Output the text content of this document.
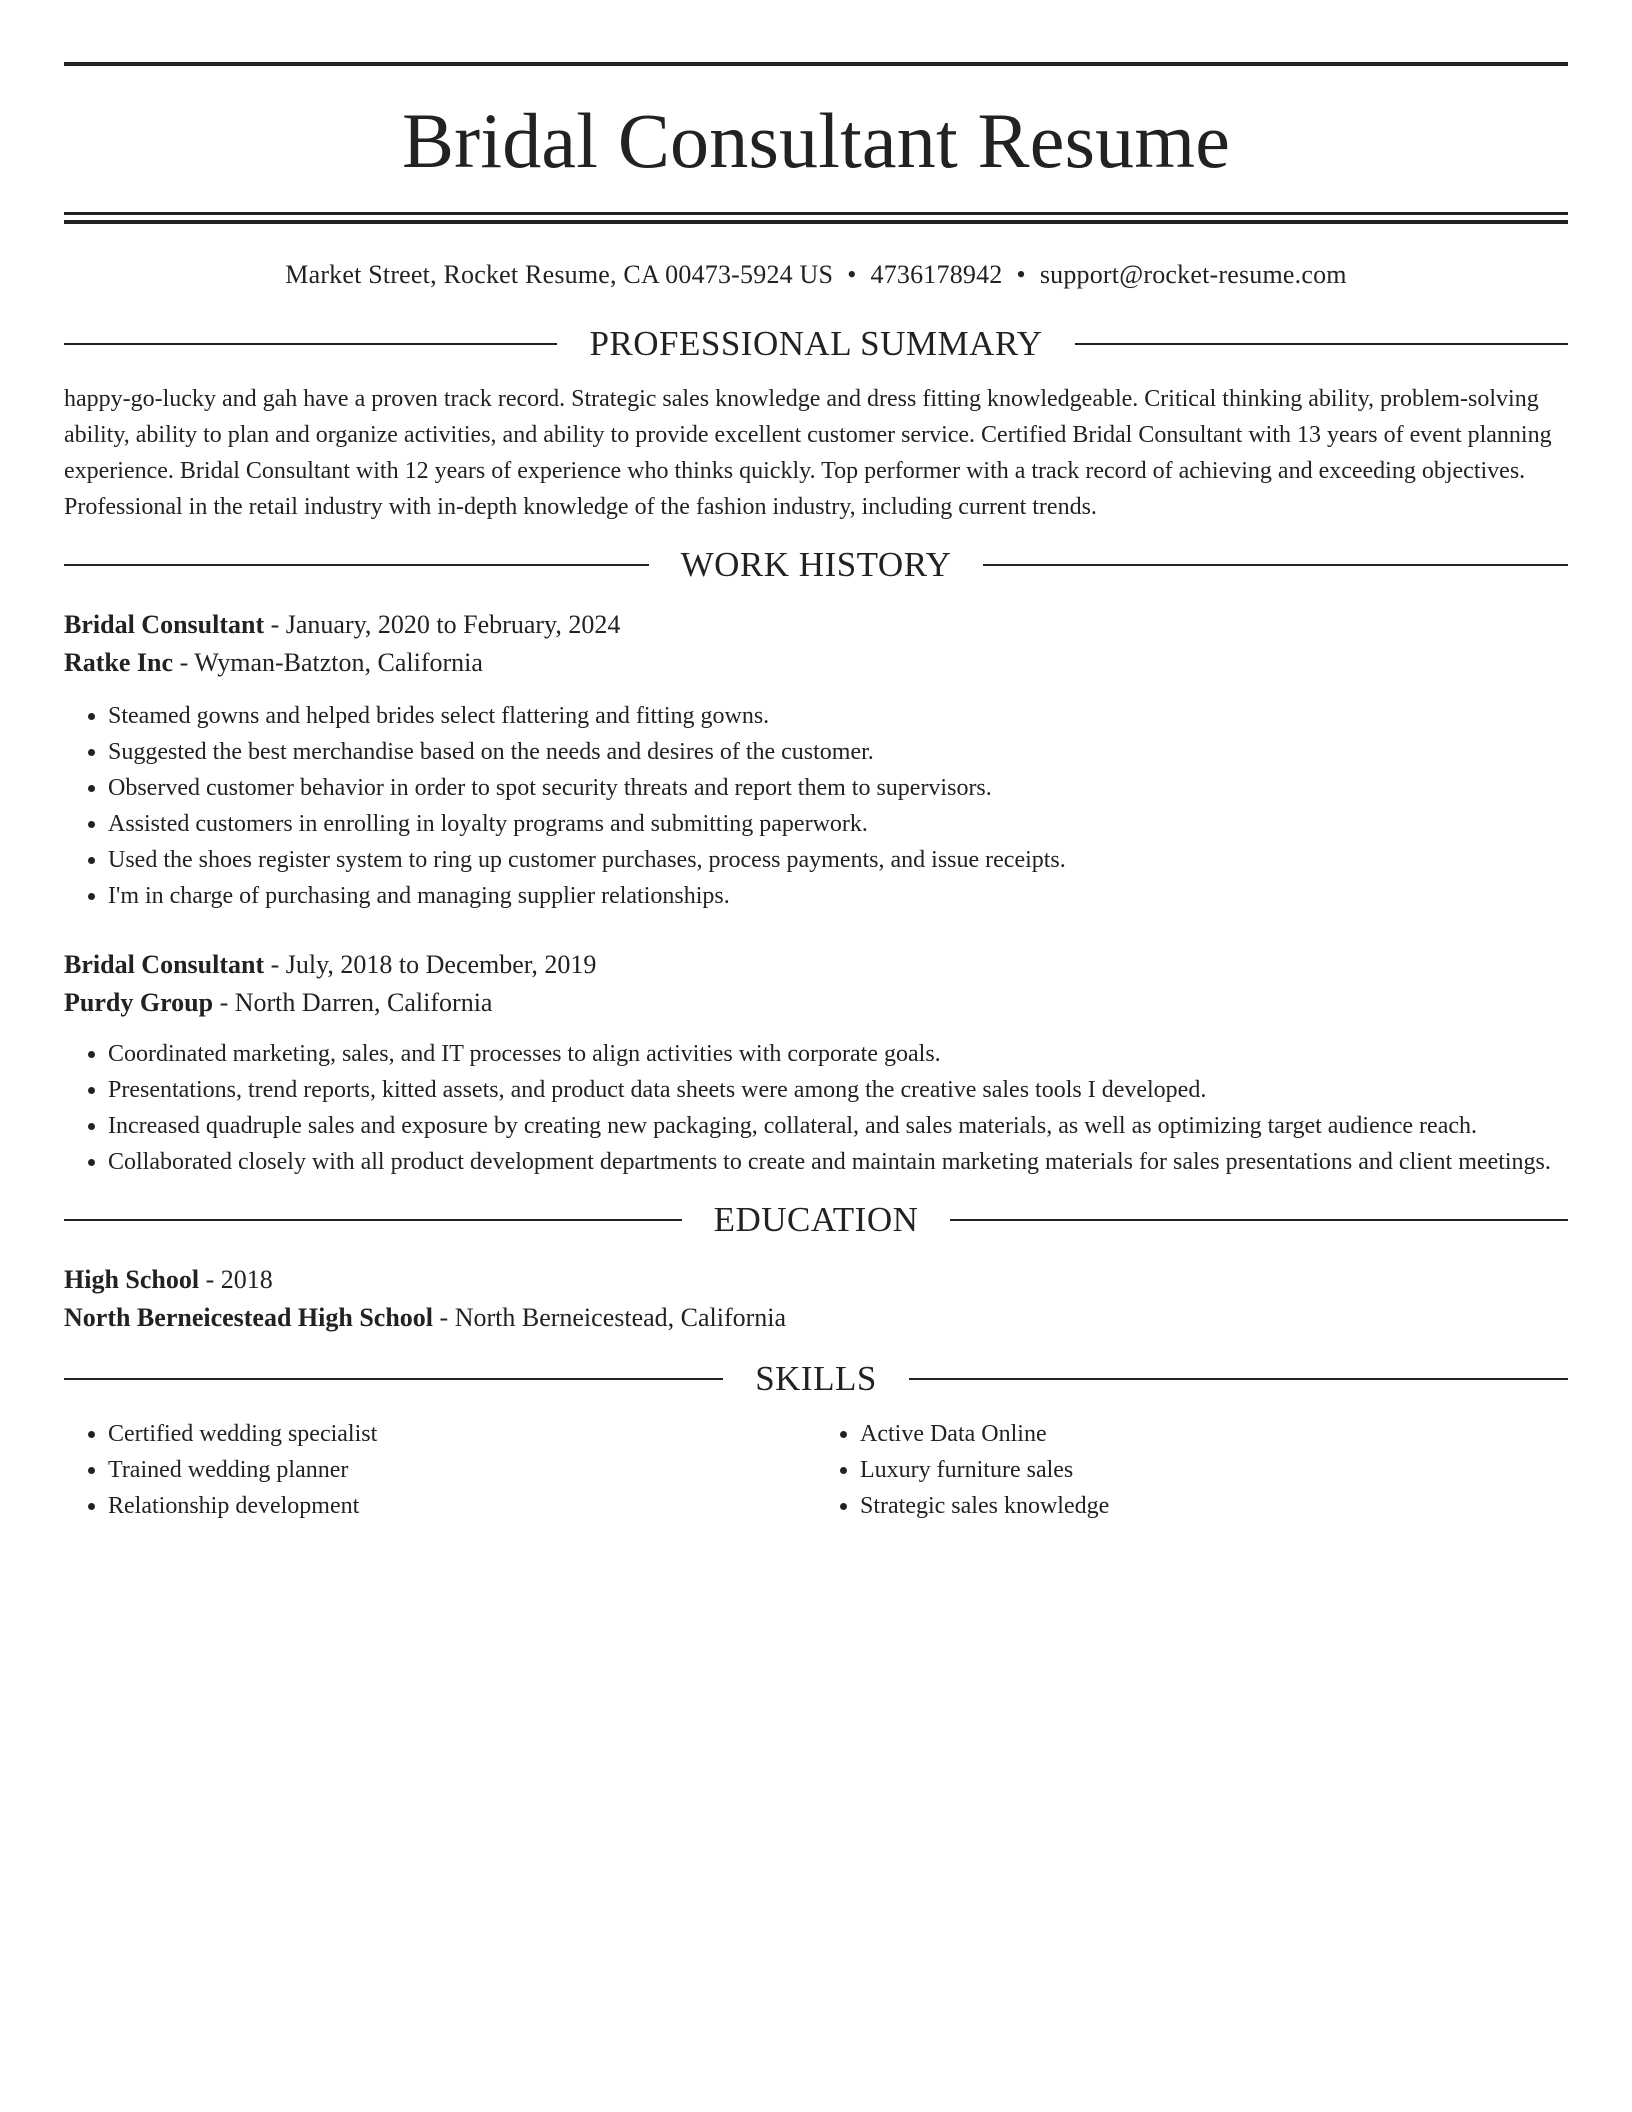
Bridal Consultant Resume
Market Street, Rocket Resume, CA 00473-5924 US • 4736178942 • support@rocket-resume.com
PROFESSIONAL SUMMARY

happy-go-lucky and gah have a proven track record. Strategic sales knowledge and dress fitting knowledgeable. Critical thinking ability, problem-solving ability, ability to plan and organize activities, and ability to provide excellent customer service. Certified Bridal Consultant with 13 years of event planning experience. Bridal Consultant with 12 years of experience who thinks quickly. Top performer with a track record of achieving and exceeding objectives. Professional in the retail industry with in-depth knowledge of the fashion industry, including current trends.

WORK HISTORY
Bridal Consultant - January, 2020 to February, 2024
Ratke Inc - Wyman-Batzton, California
• Steamed gowns and helped brides select flattering and fitting gowns.
• Suggested the best merchandise based on the needs and desires of the customer.
• Observed customer behavior in order to spot security threats and report them to supervisors.
• Assisted customers in enrolling in loyalty programs and submitting paperwork.
• Used the shoes register system to ring up customer purchases, process payments, and issue receipts.
• I'm in charge of purchasing and managing supplier relationships.
Bridal Consultant - July, 2018 to December, 2019
Purdy Group - North Darren, California
• Coordinated marketing, sales, and IT processes to align activities with corporate goals.
• Presentations, trend reports, kitted assets, and product data sheets were among the creative sales tools I developed.
• Increased quadruple sales and exposure by creating new packaging, collateral, and sales materials, as well as optimizing target audience reach.
• Collaborated closely with all product development departments to create and maintain marketing materials for sales presentations and client meetings.
EDUCATION
High School - 2018
North Berneicestead High School - North Berneicestead, California
SKILLS
• Certified wedding specialist
• Trained wedding planner
• Relationship development
• Active Data Online
• Luxury furniture sales
• Strategic sales knowledge
